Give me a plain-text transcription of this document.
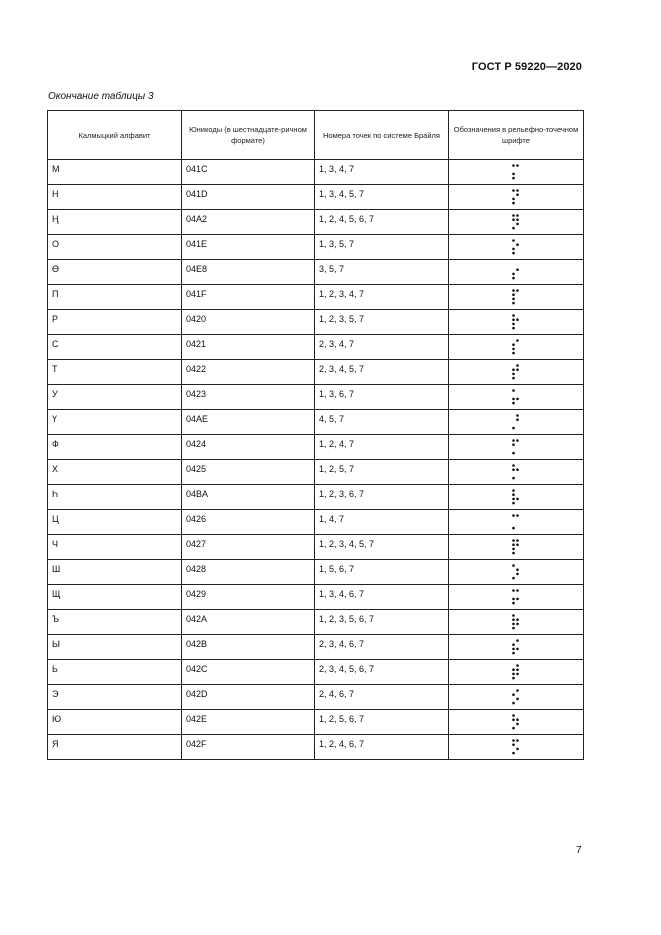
ГОСТ Р 59220—2020
Окончание таблицы 3
Калмыцкий алфавит	Юникоды (в шестнадцате-ричном формате)	Номера точек по системе Брайля	Обозначения в рельефно-точечном шрифте
М	041C	1, 3, 4, 7	

Н	041D	1, 3, 4, 5, 7	

Ң	04A2	1, 2, 4, 5, 6, 7	

О	041E	1, 3, 5, 7	

Ө	04E8	3, 5, 7	

П	041F	1, 2, 3, 4, 7	

Р	0420	1, 2, 3, 5, 7	

С	0421	2, 3, 4, 7	

Т	0422	2, 3, 4, 5, 7	

У	0423	1, 3, 6, 7	

Ү	04AE	4, 5, 7	

Ф	0424	1, 2, 4, 7	

Х	0425	1, 2, 5, 7	

Һ	04BA	1, 2, 3, 6, 7	

Ц	0426	1, 4, 7	

Ч	0427	1, 2, 3, 4, 5, 7	

Ш	0428	1, 5, 6, 7	

Щ	0429	1, 3, 4, 6, 7	

Ъ	042A	1, 2, 3, 5, 6, 7	

Ы	042B	2, 3, 4, 6, 7	

Ь	042C	2, 3, 4, 5, 6, 7	

Э	042D	2, 4, 6, 7	

Ю	042E	1, 2, 5, 6, 7	

Я	042F	1, 2, 4, 6, 7	
7
